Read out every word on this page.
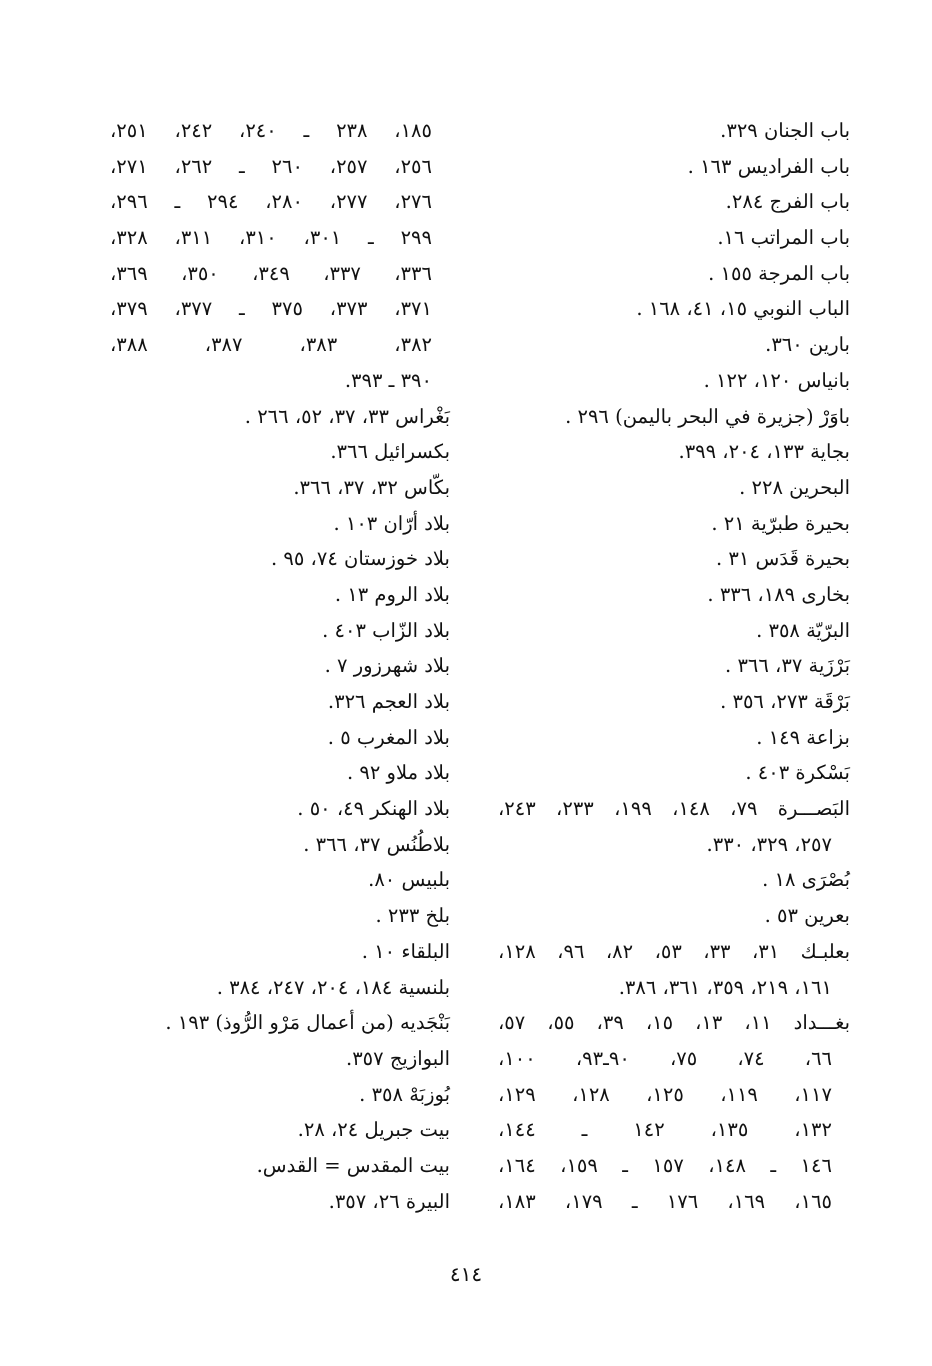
باب الجنان ٣٢٩.
باب الفراديس ١٦٣ .
باب الفرج ٢٨٤.
باب المراتب ١٦.
باب المرجة ١٥٥ .
الباب النوبي ١٥، ٤١، ١٦٨ .
بارين ٣٦٠.
بانياس ١٢٠، ١٢٢ .
باوَرْ (جزيرة في البحر باليمن) ٢٩٦ .
بجاية ١٣٣، ٢٠٤، ٣٩٩.
البحرين ٢٢٨ .
بحيرة طبرّية ٢١ .
بحيرة قَدَس ٣١ .
بخارى ١٨٩، ٣٣٦ .
البرّيّة ٣٥٨ .
بَرْزَية ٣٧، ٣٦٦ .
بَرْقَة ٢٧٣، ٣٥٦ .
بزاعة ١٤٩ .
بَسْكرة ٤٠٣ .
البَصـــرة ٧٩، ١٤٨، ١٩٩، ٢٣٣، ٢٤٣،
٢٥٧، ٣٢٩، ٣٣٠.
بُصْرَى ١٨ .
بعرين ٥٣ .
بعلبـك ٣١، ٣٣، ٥٣، ٨٢، ٩٦، ١٢٨،
١٦١، ٢١٩، ٣٥٩، ٣٦١، ٣٨٦.
بغـــداد ١١، ١٣، ١٥، ٣٩، ٥٥، ٥٧،
٦٦، ٧٤، ٧٥، ٩٠ـ٩٣، ١٠٠،
١١٧، ١١٩، ١٢٥، ١٢٨، ١٢٩،
١٣٢، ١٣٥، ١٤٢ ـ ١٤٤،
١٤٦ ـ ١٤٨، ١٥٧ ـ ١٥٩، ١٦٤،
١٦٥، ١٦٩، ١٧٦ ـ ١٧٩، ١٨٣،
١٨٥، ٢٣٨ ـ ٢٤٠، ٢٤٢، ٢٥١،
٢٥٦، ٢٥٧، ٢٦٠ ـ ٢٦٢، ٢٧١،
٢٧٦، ٢٧٧، ٢٨٠، ٢٩٤ ـ ٢٩٦،
٢٩٩ ـ ٣٠١، ٣١٠، ٣١١، ٣٢٨،
٣٣٦، ٣٣٧، ٣٤٩، ٣٥٠، ٣٦٩،
٣٧١، ٣٧٣، ٣٧٥ ـ ٣٧٧، ٣٧٩،
٣٨٢، ٣٨٣، ٣٨٧، ٣٨٨،
٣٩٠ ـ ٣٩٣.
بَغْراس ٣٣، ٣٧، ٥٢، ٢٦٦ .
بكسرائيل ٣٦٦.
بكّاس ٣٢، ٣٧، ٣٦٦.
بلاد أرّان ١٠٣ .
بلاد خوزستان ٧٤، ٩٥ .
بلاد الروم ١٣ .
بلاد الزّاب ٤٠٣ .
بلاد شهرزور ٧ .
بلاد العجم ٣٢٦.
بلاد المغرب ٥ .
بلاد ملاو ٩٢ .
بلاد الهنكر ٤٩، ٥٠ .
بلاطُنُس ٣٧، ٣٦٦ .
بلبيس ٨٠.
بلخ ٢٣٣ .
البلقاء ١٠ .
بلنسية ١٨٤، ٢٠٤، ٢٤٧، ٣٨٤ .
بَنْجَديه (من أعمال مَرْو الرُّوذ) ١٩٣ .
البوازيج ٣٥٧.
بُوزبَهْ ٣٥٨ .
بيت جبريل ٢٤، ٢٨.
بيت المقدس = القدس.
البيرة ٢٦، ٣٥٧.
٤١٤
